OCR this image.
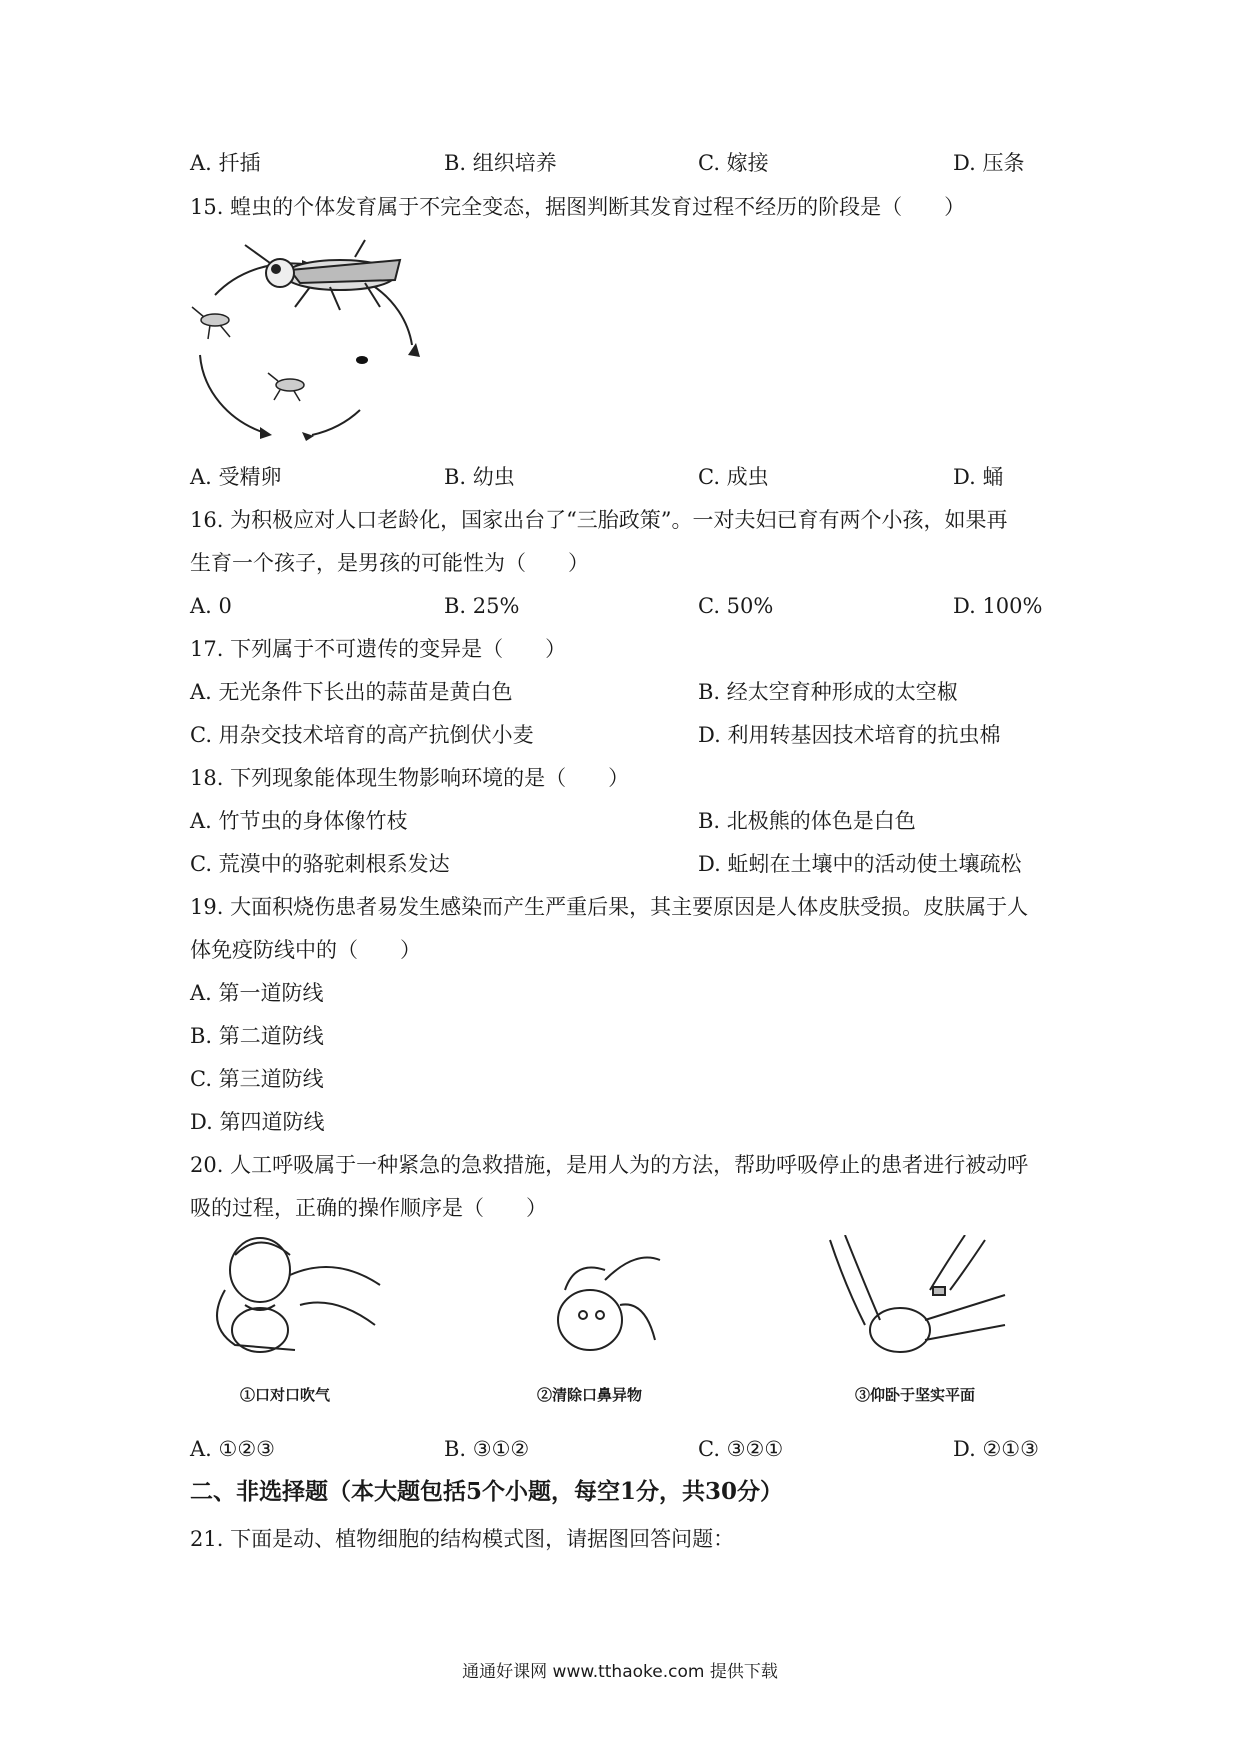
A. 扦插	B. 组织培养	C. 嫁接	D. 压条
15. 蝗虫的个体发育属于不完全变态，据图判断其发育过程不经历的阶段是（　　）
A. 受精卵	B. 幼虫	C. 成虫	D. 蛹
16. 为积极应对人口老龄化，国家出台了“三胎政策”。一对夫妇已育有两个小孩，如果再
生育一个孩子，是男孩的可能性为（　　）
A. 0	B. 25%	C. 50%	D. 100%
17. 下列属于不可遗传的变异是（　　）
A. 无光条件下长出的蒜苗是黄白色	B. 经太空育种形成的太空椒
C. 用杂交技术培育的高产抗倒伏小麦	D. 利用转基因技术培育的抗虫棉
18. 下列现象能体现生物影响环境的是（　　）
A. 竹节虫的身体像竹枝	B. 北极熊的体色是白色
C. 荒漠中的骆驼刺根系发达	D. 蚯蚓在土壤中的活动使土壤疏松
19. 大面积烧伤患者易发生感染而产生严重后果，其主要原因是人体皮肤受损。皮肤属于人
体免疫防线中的（　　）
A. 第一道防线
B. 第二道防线
C. 第三道防线
D. 第四道防线
20. 人工呼吸属于一种紧急的急救措施，是用人为的方法，帮助呼吸停止的患者进行被动呼
吸的过程，正确的操作顺序是（　　）
①口对口吹气	②清除口鼻异物	③仰卧于坚实平面
A. ①②③	B. ③①②	C. ③②①	D. ②①③
二、非选择题（本大题包括5个小题，每空1分，共30分）
21. 下面是动、植物细胞的结构模式图，请据图回答问题：
通通好课网 www.tthaoke.com 提供下载
